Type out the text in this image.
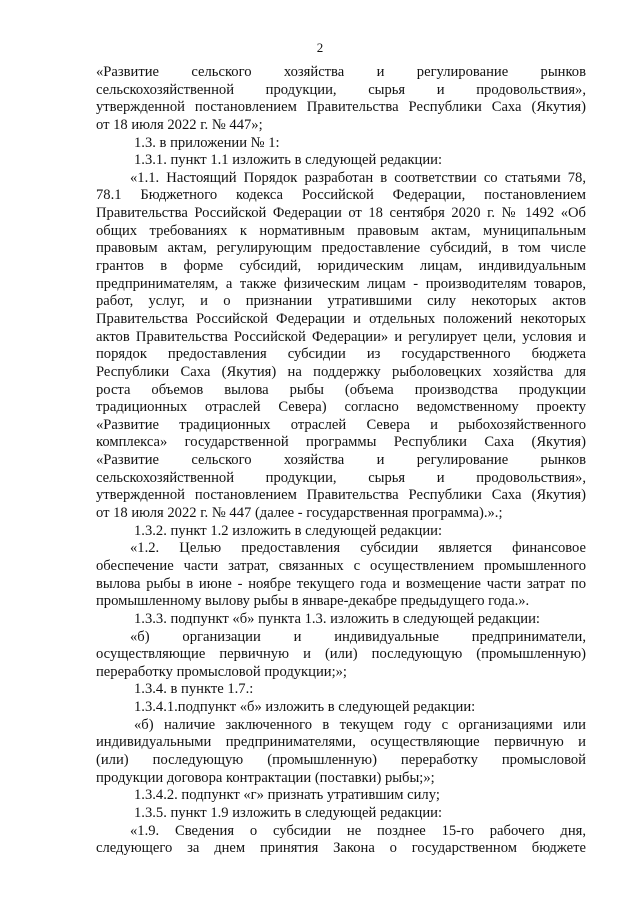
2
«Развитие сельского хозяйства и регулирование рынков
сельскохозяйственной продукции, сырья и продовольствия»,
утвержденной постановлением Правительства Республики Саха (Якутия)
от 18 июля 2022 г. № 447»;
1.3. в приложении № 1:
1.3.1. пункт 1.1 изложить в следующей редакции:
«1.1. Настоящий Порядок разработан в соответствии со статьями 78,
78.1 Бюджетного кодекса Российской Федерации, постановлением
Правительства Российской Федерации от 18 сентября 2020 г. № 1492 «Об
общих требованиях к нормативным правовым актам, муниципальным
правовым актам, регулирующим предоставление субсидий, в том числе
грантов в форме субсидий, юридическим лицам, индивидуальным
предпринимателям, а также физическим лицам - производителям товаров,
работ, услуг, и о признании утратившими силу некоторых актов
Правительства Российской Федерации и отдельных положений некоторых
актов Правительства Российской Федерации» и регулирует цели, условия и
порядок предоставления субсидии из государственного бюджета
Республики Саха (Якутия) на поддержку рыболовецких хозяйства для
роста объемов вылова рыбы (объема производства продукции
традиционных отраслей Севера) согласно ведомственному проекту
«Развитие традиционных отраслей Севера и рыбохозяйственного
комплекса» государственной программы Республики Саха (Якутия)
«Развитие сельского хозяйства и регулирование рынков
сельскохозяйственной продукции, сырья и продовольствия»,
утвержденной постановлением Правительства Республики Саха (Якутия)
от 18 июля 2022 г. № 447 (далее - государственная программа).».;
1.3.2. пункт 1.2 изложить в следующей редакции:
«1.2. Целью предоставления субсидии является финансовое
обеспечение части затрат, связанных с осуществлением промышленного
вылова рыбы в июне - ноябре текущего года и возмещение части затрат по
промышленному вылову рыбы в январе-декабре предыдущего года.».
1.3.3. подпункт «б» пункта 1.3. изложить в следующей редакции:
«б) организации и индивидуальные предприниматели,
осуществляющие первичную и (или) последующую (промышленную)
переработку промысловой продукции;»;
1.3.4. в пункте 1.7.:
1.3.4.1.подпункт «б» изложить в следующей редакции:
«б) наличие заключенного в текущем году с организациями или
индивидуальными предпринимателями, осуществляющие первичную и
(или) последующую (промышленную) переработку промысловой
продукции договора контрактации (поставки) рыбы;»;
1.3.4.2. подпункт «г» признать утратившим силу;
1.3.5. пункт 1.9 изложить в следующей редакции:
«1.9. Сведения о субсидии не позднее 15-го рабочего дня,
следующего за днем принятия Закона о государственном бюджете
